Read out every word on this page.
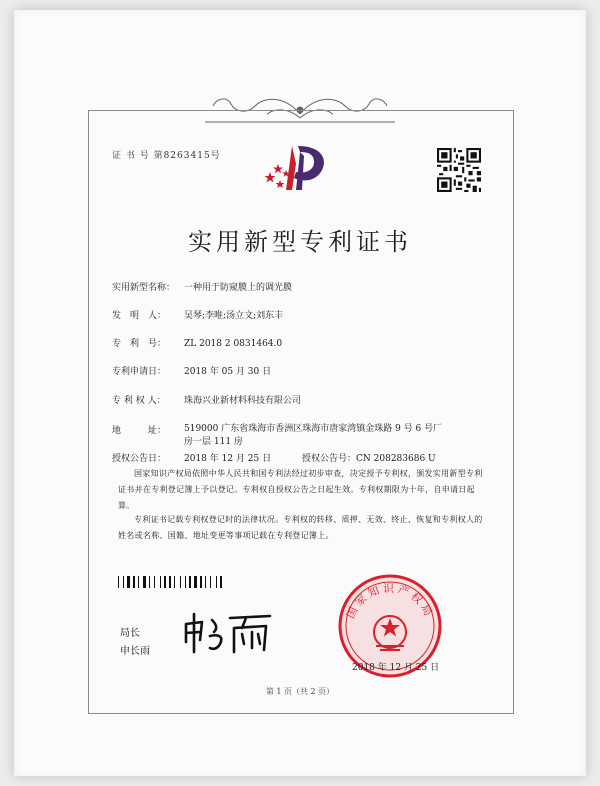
证 书 号 第8263415号
实用新型专利证书
实用新型名称： 一种用于防窥膜上的调光膜
发　明　人： 吴琴;李唯;汤立文;刘东丰
专　利　号： ZL 2018 2 0831464.0
专利申请日： 2018 年 05 月 30 日
专 利 权 人： 珠海兴业新材料科技有限公司
地　　　址：	519000 广东省珠海市香洲区珠海市唐家湾镇金珠路 9 号 6 号厂房一层 111 房
授权公告日： 2018 年 12 月 25 日	授权公告号：CN 208283686 U
国家知识产权局依照中华人民共和国专利法经过初步审查，决定授予专利权，颁发实用新型专利证书并在专利登记簿上予以登记。专利权自授权公告之日起生效。专利权期限为十年，自申请日起算。
专利证书记载专利权登记时的法律状况。专利权的转移、质押、无效、终止、恢复和专利权人的姓名或名称、国籍、地址变更等事项记载在专利登记簿上。
局长
申长雨
国家知识产权局
2018 年 12 月 25 日
第 1 页（共 2 页）
